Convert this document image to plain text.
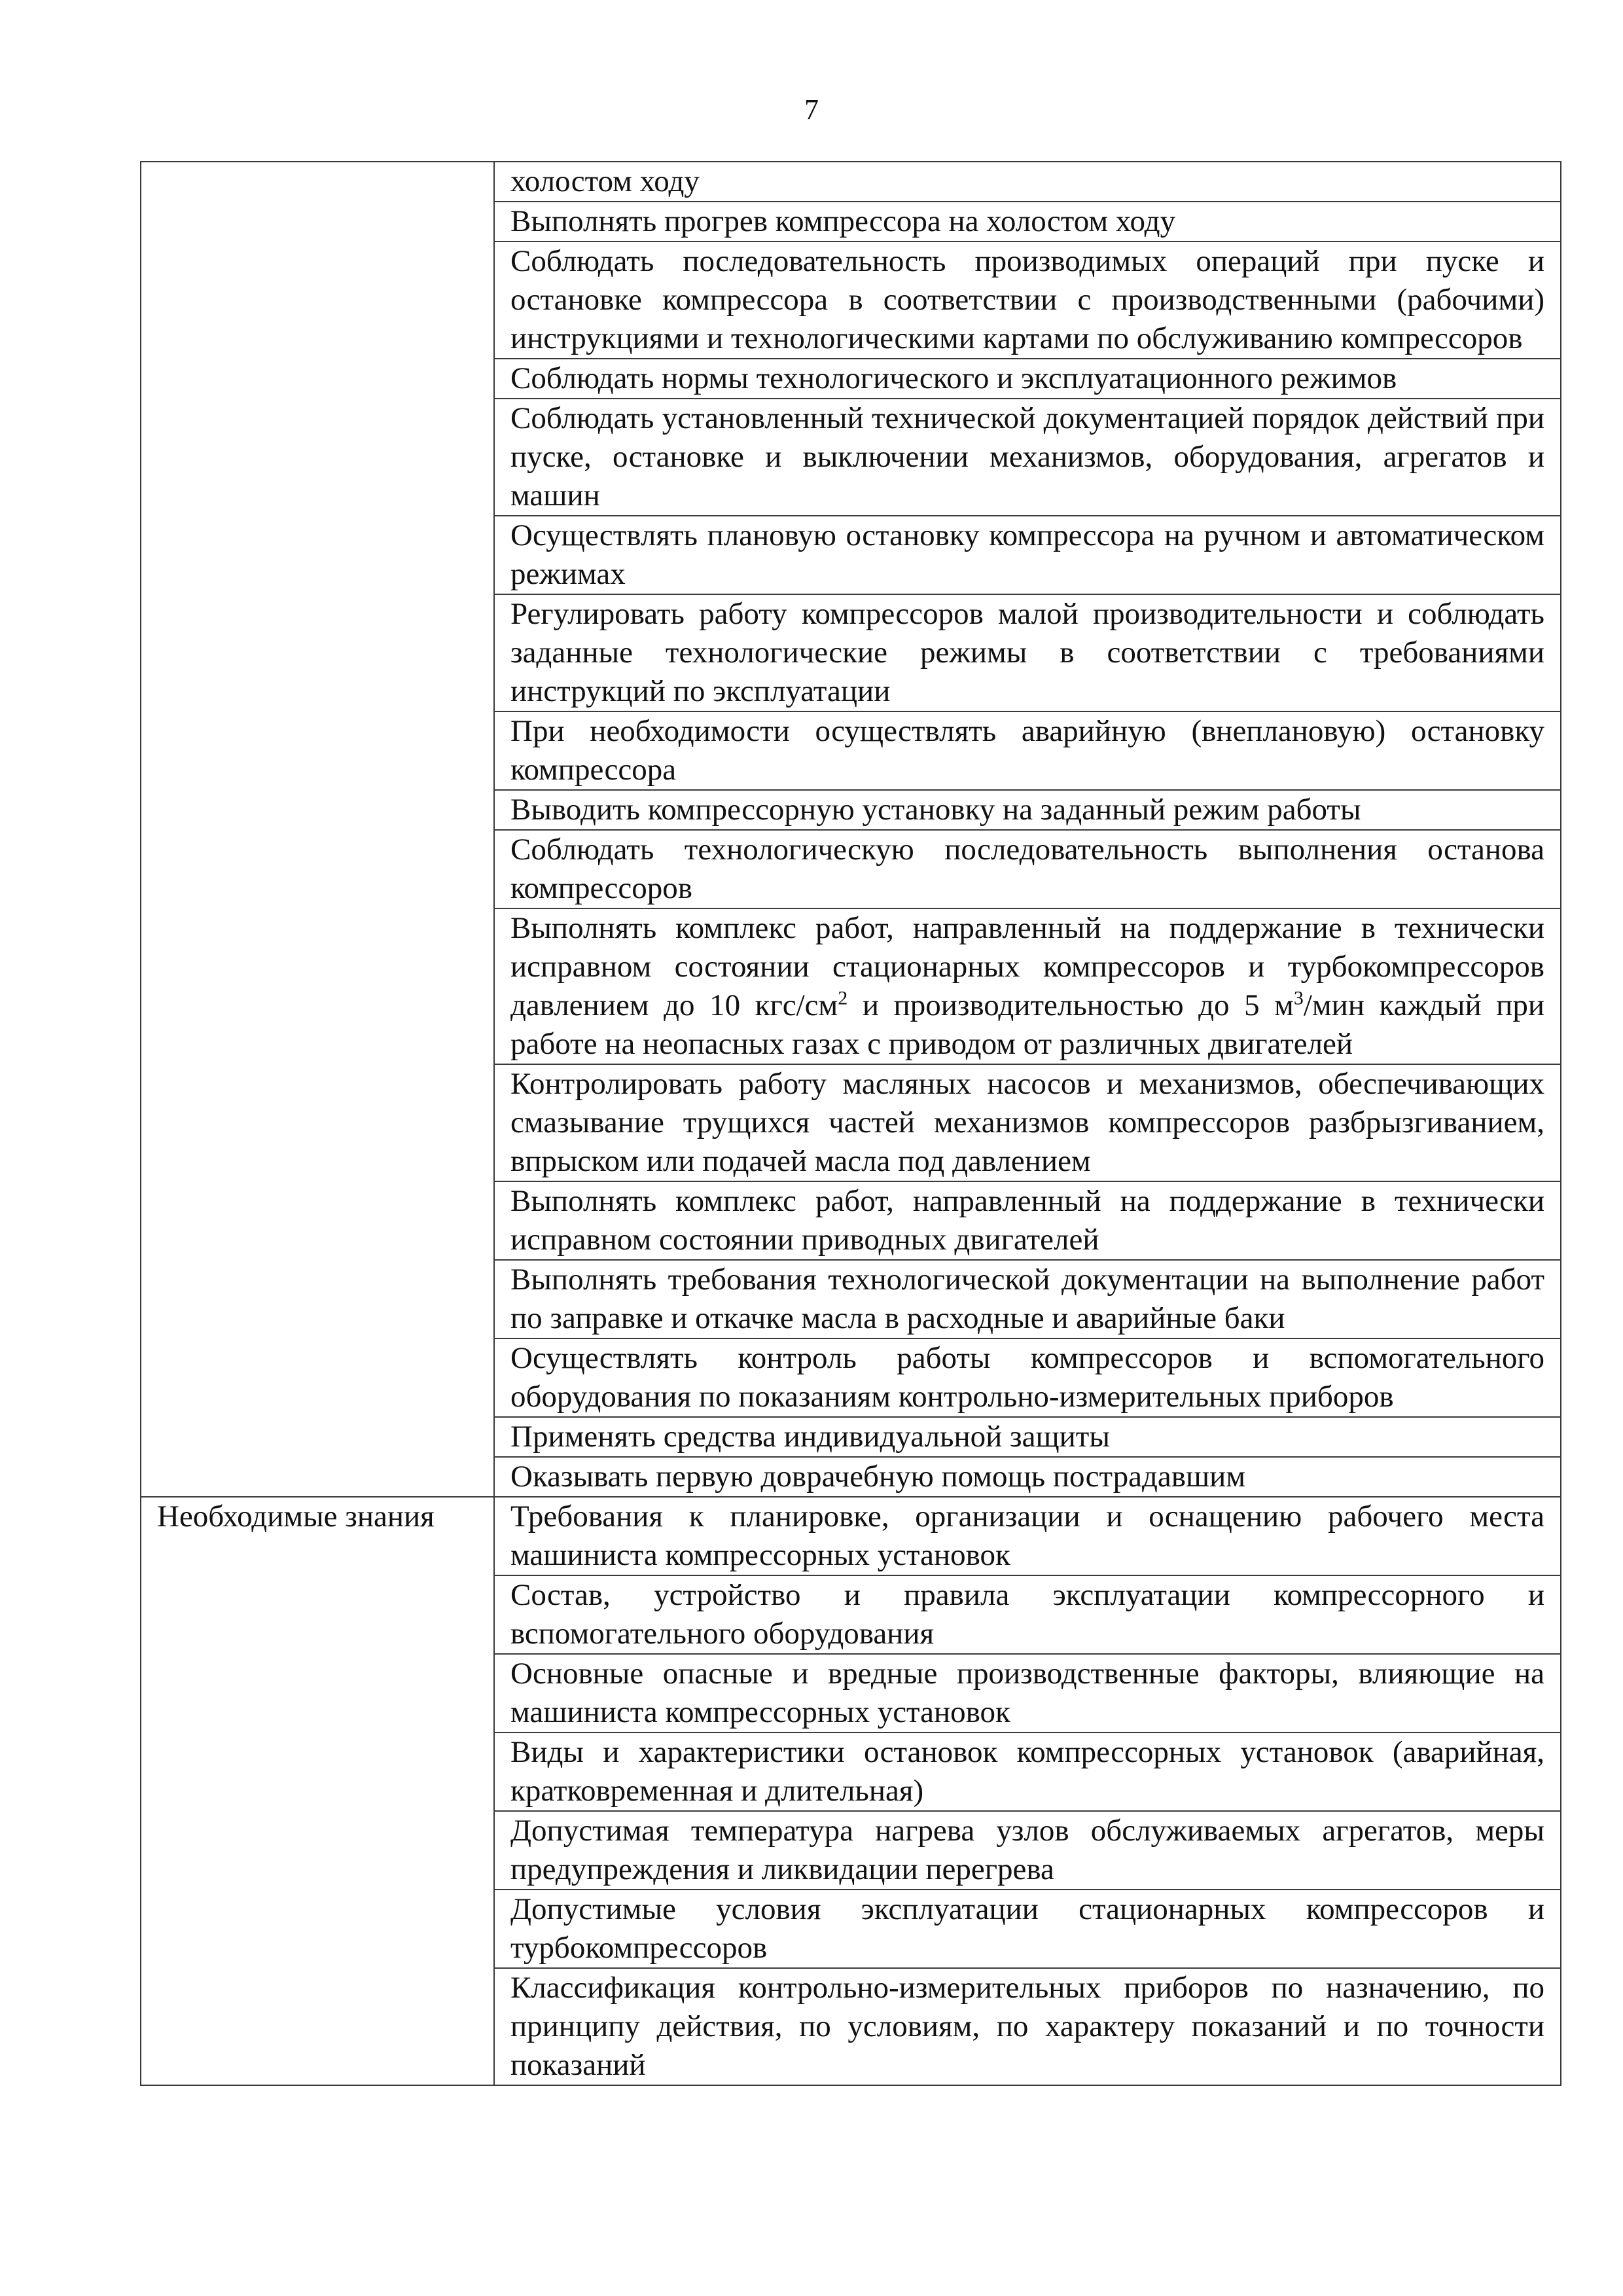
7
	холостом ходу
	Выполнять прогрев компрессора на холостом ходу
	Соблюдать последовательность производимых операций при пуске и остановке компрессора в соответствии с производственными (рабочими) инструкциями и технологическими картами по обслуживанию компрессоров
	Соблюдать нормы технологического и эксплуатационного режимов
	Соблюдать установленный технической документацией порядок действий при пуске, остановке и выключении механизмов, оборудования, агрегатов и машин
	Осуществлять плановую остановку компрессора на ручном и автоматическом режимах
	Регулировать работу компрессоров малой производительности и соблюдать заданные технологические режимы в соответствии с требованиями инструкций по эксплуатации
	При необходимости осуществлять аварийную (внеплановую) остановку компрессора
	Выводить компрессорную установку на заданный режим работы
	Соблюдать технологическую последовательность выполнения останова компрессоров
	Выполнять комплекс работ, направленный на поддержание в технически исправном состоянии стационарных компрессоров и турбокомпрессоров давлением до 10 кгс/$см^2$ и производительностью до 5 $м^3$/мин каждый при работе на неопасных газах с приводом от различных двигателей
	Контролировать работу масляных насосов и механизмов, обеспечивающих смазывание трущихся частей механизмов компрессоров разбрызгиванием, впрыском или подачей масла под давлением
	Выполнять комплекс работ, направленный на поддержание в технически исправном состоянии приводных двигателей
	Выполнять требования технологической документации на выполнение работ по заправке и откачке масла в расходные и аварийные баки
	Осуществлять контроль работы компрессоров и вспомогательного оборудования по показаниям контрольно-измерительных приборов
	Применять средства индивидуальной защиты
	Оказывать первую доврачебную помощь пострадавшим
Необходимые знания	Требования к планировке, организации и оснащению рабочего места машиниста компрессорных установок
	Состав, устройство и правила эксплуатации компрессорного и вспомогательного оборудования
	Основные опасные и вредные производственные факторы, влияющие на машиниста компрессорных установок
	Виды и характеристики остановок компрессорных установок (аварийная, кратковременная и длительная)
	Допустимая температура нагрева узлов обслуживаемых агрегатов, меры предупреждения и ликвидации перегрева
	Допустимые условия эксплуатации стационарных компрессоров и турбокомпрессоров
	Классификация контрольно-измерительных приборов по назначению, по принципу действия, по условиям, по характеру показаний и по точности показаний
